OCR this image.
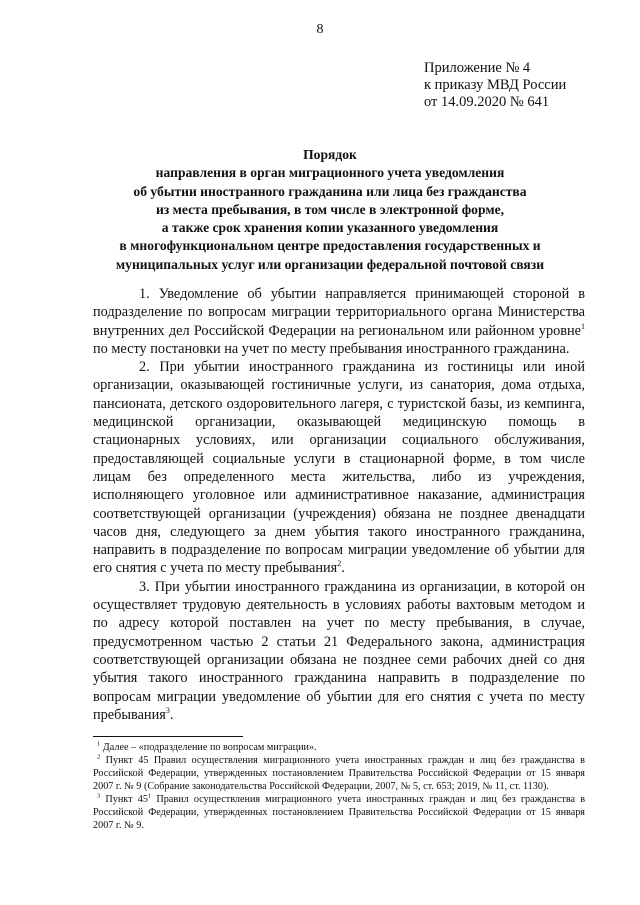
8
Приложение № 4
к приказу МВД России
от 14.09.2020 № 641
Порядок
направления в орган миграционного учета уведомления
об убытии иностранного гражданина или лица без гражданства
из места пребывания, в том числе в электронной форме,
а также срок хранения копии указанного уведомления
в многофункциональном центре предоставления государственных и
муниципальных услуг или организации федеральной почтовой связи

1. Уведомление об убытии направляется принимающей стороной в подразделение по вопросам миграции территориального органа Министерства внутренних дел Российской Федерации на региональном или районном уровне$^1$ по месту постановки на учет по месту пребывания иностранного гражданина.

2. При убытии иностранного гражданина из гостиницы или иной организации, оказывающей гостиничные услуги, из санатория, дома отдыха, пансионата, детского оздоровительного лагеря, с туристской базы, из кемпинга, медицинской организации, оказывающей медицинскую помощь в стационарных условиях, или организации социального обслуживания, предоставляющей социальные услуги в стационарной форме, в том числе лицам без определенного места жительства, либо из учреждения, исполняющего уголовное или административное наказание, администрация соответствующей организации (учреждения) обязана не позднее двенадцати часов дня, следующего за днем убытия такого иностранного гражданина, направить в подразделение по вопросам миграции уведомление об убытии для его снятия с учета по месту пребывания$^2$.

3. При убытии иностранного гражданина из организации, в которой он осуществляет трудовую деятельность в условиях работы вахтовым методом и по адресу которой поставлен на учет по месту пребывания, в случае, предусмотренном частью 2 статьи 21 Федерального закона, администрация соответствующей организации обязана не позднее семи рабочих дней со дня убытия такого иностранного гражданина направить в подразделение по вопросам миграции уведомление об убытии для его снятия с учета по месту пребывания$^3$.

$^1$ Далее – «подразделение по вопросам миграции».

$^2$ Пункт 45 Правил осуществления миграционного учета иностранных граждан и лиц без гражданства в Российской Федерации, утвержденных постановлением Правительства Российской Федерации от 15 января 2007 г. № 9 (Собрание законодательства Российской Федерации, 2007, № 5, ст. 653; 2019, № 11, ст. 1130).

$^3$ Пункт $45^1$ Правил осуществления миграционного учета иностранных граждан и лиц без гражданства в Российской Федерации, утвержденных постановлением Правительства Российской Федерации от 15 января 2007 г. № 9.
